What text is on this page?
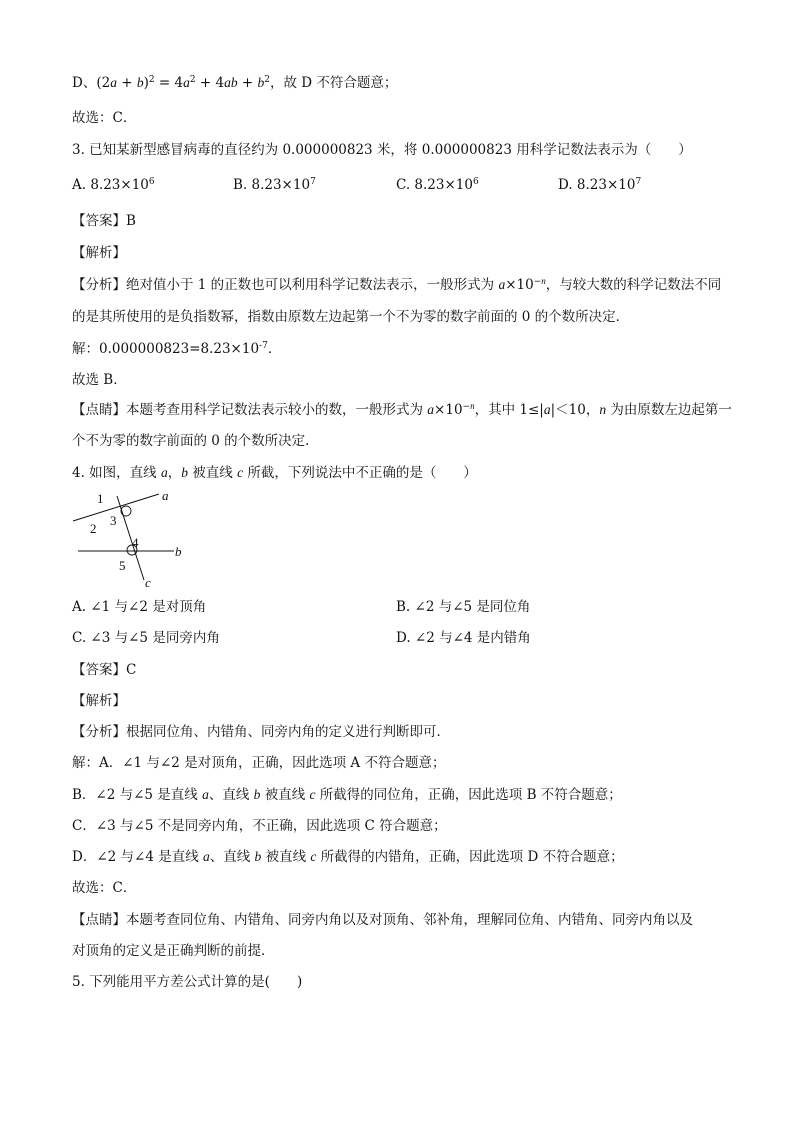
D、$(2a + b)^2 = 4a^2 + 4ab + b^2$，故 D 不符合题意；
故选：C．
3. 已知某新型感冒病毒的直径约为 0.000000823 米，将 0.000000823 用科学记数法表示为（　　）
A. $8.23\times 10^6$	B. $8.23\times 10^7$	C. $8.23\times 10^6$	D. $8.23\times 10^7$
【答案】B
【解析】
【分析】绝对值小于 1 的正数也可以利用科学记数法表示，一般形式为 $a\times 10^{-n}$，与较大数的科学记数法不同
的是其所使用的是负指数幂，指数由原数左边起第一个不为零的数字前面的 0 的个数所决定．
解：$0.000000823=8.23\times 10^{-7}$．
故选 B．
【点睛】本题考查用科学记数法表示较小的数，一般形式为 $a\times 10^{-n}$，其中 1≤|a|＜10，n 为由原数左边起第一
个不为零的数字前面的 0 的个数所决定．
4. 如图，直线 a，b 被直线 c 所截，下列说法中不正确的是（　　）
1
2
3
4
5
a
b
c
A. ∠1 与∠2 是对顶角	B. ∠2 与∠5 是同位角
C. ∠3 与∠5 是同旁内角	D. ∠2 与∠4 是内错角
【答案】C
【解析】
【分析】根据同位角、内错角、同旁内角的定义进行判断即可．
解：A．∠1 与∠2 是对顶角，正确，因此选项 A 不符合题意；
B．∠2 与∠5 是直线 a、直线 b 被直线 c 所截得的同位角，正确，因此选项 B 不符合题意；
C．∠3 与∠5 不是同旁内角，不正确，因此选项 C 符合题意；
D．∠2 与∠4 是直线 a、直线 b 被直线 c 所截得的内错角，正确，因此选项 D 不符合题意；
故选：C．
【点睛】本题考查同位角、内错角、同旁内角以及对顶角、邻补角，理解同位角、内错角、同旁内角以及
对顶角的定义是正确判断的前提．
5. 下列能用平方差公式计算的是(　　)
